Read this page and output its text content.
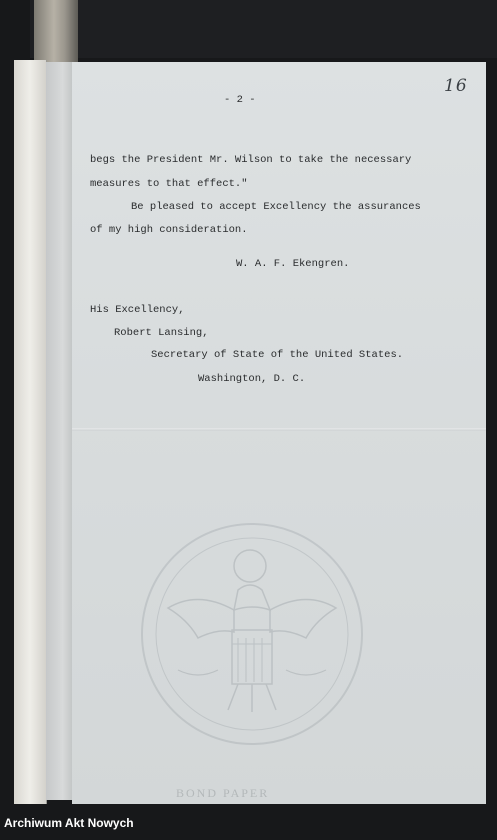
16
- 2 -
begs the President Mr. Wilson to take the necessary
measures to that effect."
Be pleased to accept Excellency the assurances
of my high consideration.
W. A. F. Ekengren.
His Excellency,
Robert Lansing,
Secretary of State of the United States.
Washington, D. C.
BOND PAPER
Archiwum Akt Nowych
